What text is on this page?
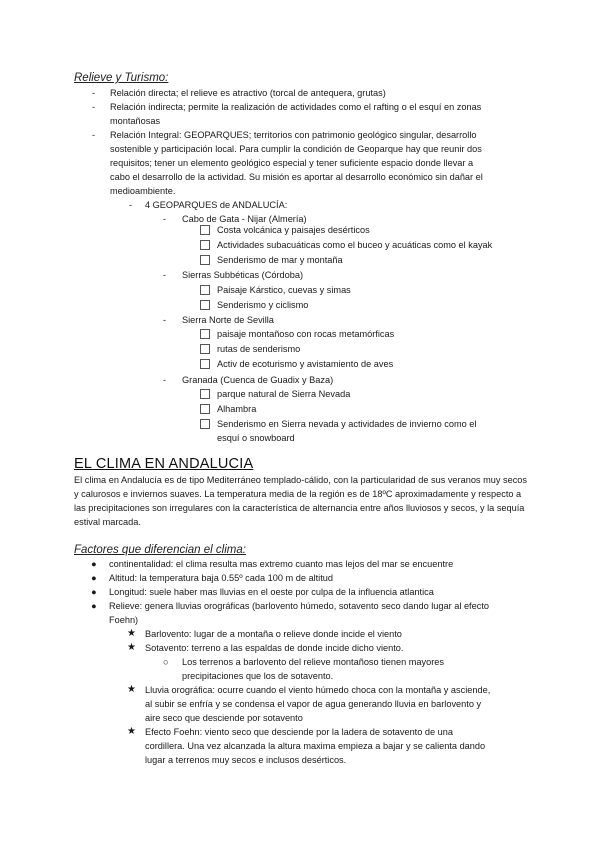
Relieve y Turismo:
- Relación directa; el relieve es atractivo (torcal de antequera, grutas)
- Relación indirecta; permite la realización de actividades como el rafting o el esquí en zonas
montañosas
- Relación Integral: GEOPARQUES; territorios con patrimonio geológico singular, desarrollo
sostenible y participación local. Para cumplir la condición de Geoparque hay que reunir dos
requisitos; tener un elemento geológico especial y tener suficiente espacio donde llevar a
cabo el desarrollo de la actividad. Su misión es aportar al desarrollo económico sin dañar el
medioambiente.
- 4 GEOPARQUES de ANDALUCÍA:
- Cabo de Gata - Nijar (Almería)
Costa volcánica y paisajes desérticos
Actividades subacuáticas como el buceo y acuáticas como el kayak
Senderismo de mar y montaña
- Sierras Subbéticas (Córdoba)
Paisaje Kárstico, cuevas y simas
Senderismo y ciclismo
- Sierra Norte de Sevilla
paisaje montañoso con rocas metamórficas
rutas de senderismo
Activ de ecoturismo y avistamiento de aves
- Granada (Cuenca de Guadix y Baza)
parque natural de Sierra Nevada
Alhambra
Senderismo en Sierra nevada y actividades de invierno como el
esquí o snowboard
EL CLIMA EN ANDALUCIA
El clima en Andalucía es de tipo Mediterráneo templado-cálido, con la particularidad de sus veranos muy secos y calurosos e inviernos suaves. La temperatura media de la región es de 18ºC aproximadamente y respecto a las precipitaciones son irregulares con la característica de alternancia entre años lluviosos y secos, y la sequía estival marcada.
Factores que diferencian el clima:
● continentalidad: el clima resulta mas extremo cuanto mas lejos del mar se encuentre
● Altitud: la temperatura baja 0.55º cada 100 m de altitud
● Longitud: suele haber mas lluvias en el oeste por culpa de la influencia atlantica
● Relieve: genera lluvias orográficas (barlovento húmedo, sotavento seco dando lugar al efecto
Foehn)
★ Barlovento: lugar de a montaña o relieve donde incide el viento
★ Sotavento: terreno a las espaldas de donde incide dicho viento.
○ Los terrenos a barlovento del relieve montañoso tienen mayores
precipitaciones que los de sotavento.
★ Lluvia orográfica: ocurre cuando el viento húmedo choca con la montaña y asciende,
al subir se enfría y se condensa el vapor de agua generando lluvia en barlovento y
aire seco que desciende por sotavento
★ Efecto Foehn: viento seco que desciende por la ladera de sotavento de una
cordillera. Una vez alcanzada la altura maxima empieza a bajar y se calienta dando
lugar a terrenos muy secos e inclusos desérticos.
